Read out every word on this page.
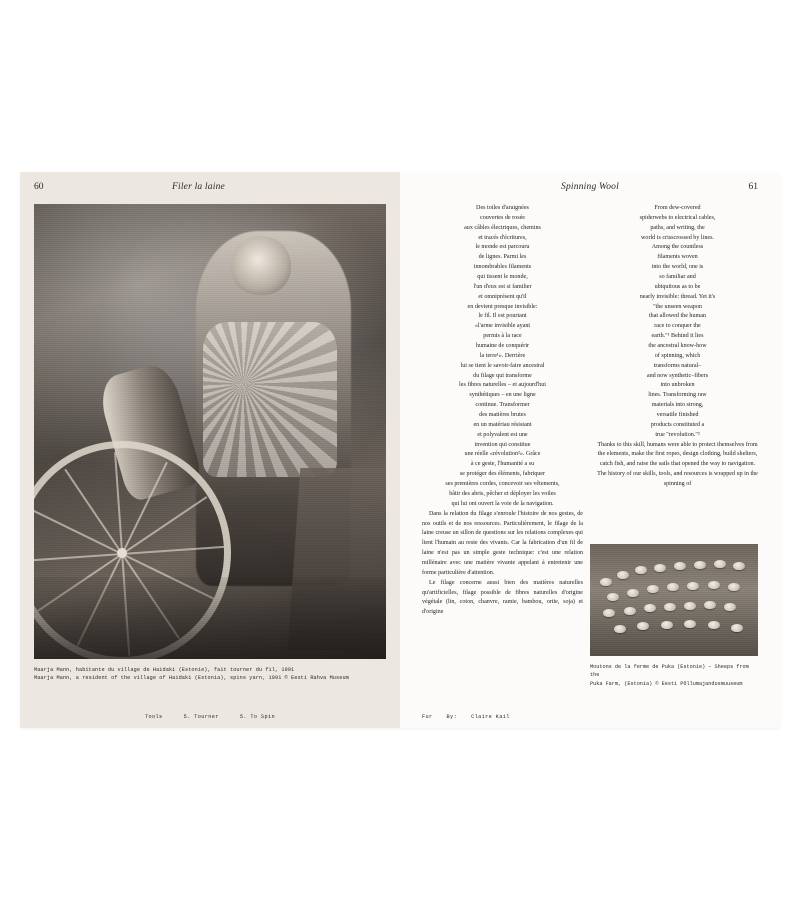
60	Filer la laine
Maarja Mann, habitante du village de Haidaki (Estonie), fait tourner du fil, 1991
Maarja Mann, a resident of the village of Haidaki (Estonia), spins yarn, 1991 © Eesti Rahva Museum
Tools	5. Tourner	5. To Spin
Spinning Wool	61

Des toiles d'araignées

couvertes de rosée

aux câbles électriques, chemins

et tracés d'écritures,

le monde est parcouru

de lignes. Parmi les

innombrables filaments

qui tissent le monde,

l'un d'eux est si familier

et omniprésent qu'il

en devient presque invisible:

le fil. Il est pourtant

«l'arme invisible ayant

permis à la race

humaine de conquérir

la terre¹». Derrière

lui se tient le savoir-faire ancestral

du filage qui transforme

les fibres naturelles – et aujourd'hui

synthétiques – en une ligne

continue. Transformer

des matières brutes

en un matériau résistant

et polyvalent est une

invention qui constitue

une réelle «révolution²». Grâce

à ce geste, l'humanité a su

se protéger des éléments, fabriquer

ses premières cordes, concevoir ses vêtements,

bâtir des abris, pêcher et déployer les voiles

qui lui ont ouvert la voie de la navigation.

Dans la relation du filage s'enroule l'histoire de nos gestes, de nos outils et de nos ressources. Particulièrement, le filage de la laine creuse un sillon de questions sur les relations complexes qui lient l'humain au reste des vivants. Car la fabrication d'un fil de laine n'est pas un simple geste technique: c'est une relation millénaire avec une matière vivante appelant à entretenir une forme particulière d'attention.

Le filage concerne aussi bien des matières naturelles qu'artificielles, filage possible de fibres naturelles d'origine végétale (lin, coton, chanvre, ramie, bambou, ortie, soja) et d'origine

From dew-covered

spiderwebs to electrical cables,

paths, and writing, the

world is crisscrossed by lines.

Among the countless

filaments woven

into the world, one is

so familiar and

ubiquitous as to be

nearly invisible: thread. Yet it's

"the unseen weapon

that allowed the human

race to conquer the

earth."¹ Behind it lies

the ancestral know-how

of spinning, which

transforms natural–

and now synthetic–fibers

into unbroken

lines. Transforming raw

materials into strong,

versatile finished

products constituted a

true "revolution."²

Thanks to this skill, humans were able to protect themselves from the elements, make the first ropes, design clothing, build shelters, catch fish, and raise the sails that opened the way to navigation.

The history of our skills, tools, and resources is wrapped up in the spinning of

Moutons de la ferme de Puka (Estonie) – Sheeps from the
Puka Farm, (Estonia) © Eesti Põllumajandusmuuseum
Fur	By:	Claire Kail
